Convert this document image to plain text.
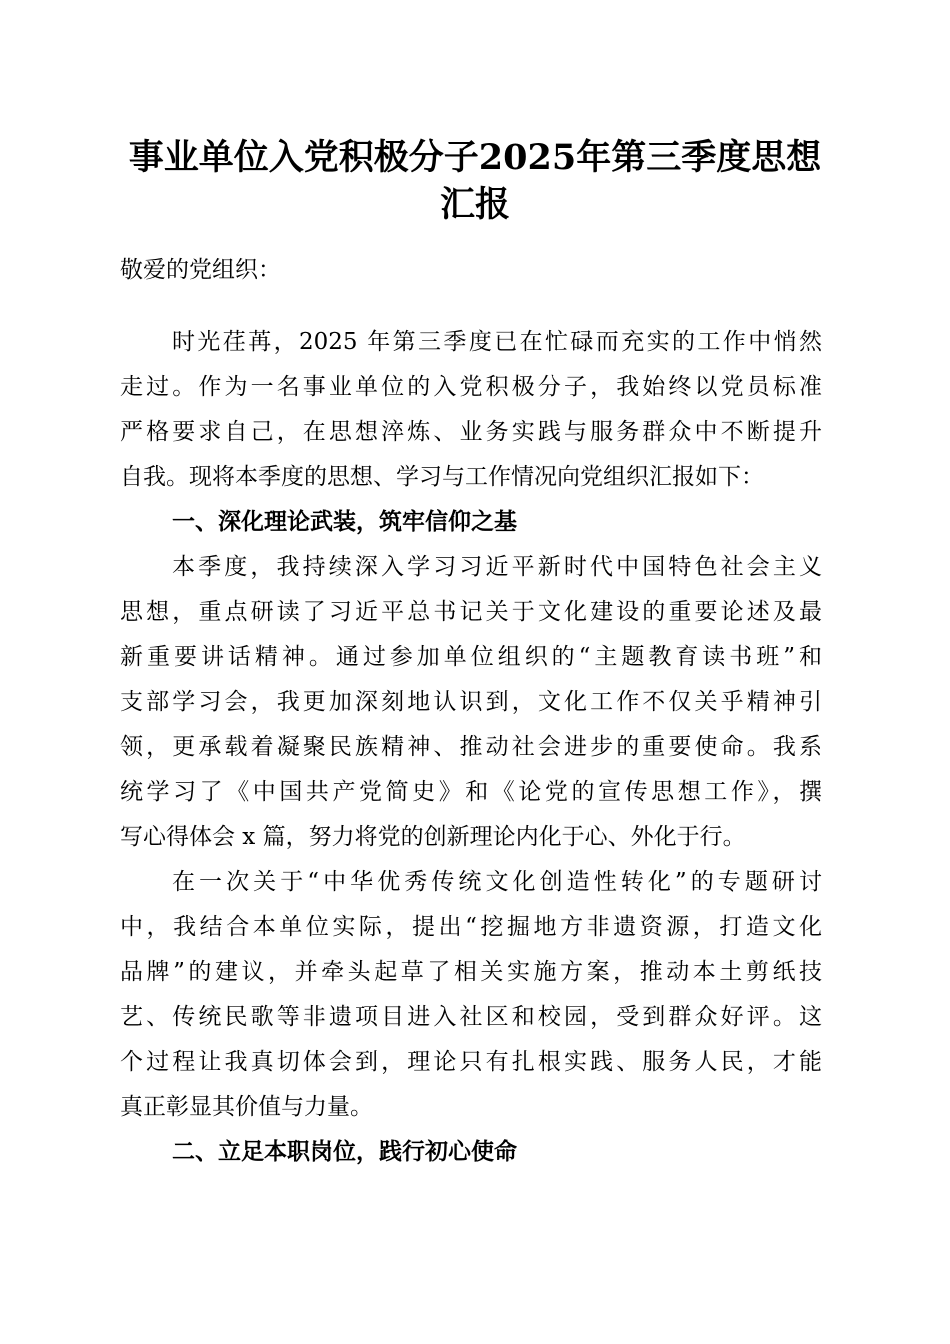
事业单位入党积极分子2025年第三季度思想
汇报
敬爱的党组织：
时光荏苒，2025 年第三季度已在忙碌而充实的工作中悄然
走过。作为一名事业单位的入党积极分子，我始终以党员标准
严格要求自己，在思想淬炼、业务实践与服务群众中不断提升
自我。现将本季度的思想、学习与工作情况向党组织汇报如下：
一、深化理论武装，筑牢信仰之基
本季度，我持续深入学习习近平新时代中国特色社会主义
思想，重点研读了习近平总书记关于文化建设的重要论述及最
新重要讲话精神。通过参加单位组织的“主题教育读书班”和
支部学习会，我更加深刻地认识到，文化工作不仅关乎精神引
领，更承载着凝聚民族精神、推动社会进步的重要使命。我系
统学习了《中国共产党简史》和《论党的宣传思想工作》，撰
写心得体会 x 篇，努力将党的创新理论内化于心、外化于行。
在一次关于“中华优秀传统文化创造性转化”的专题研讨
中，我结合本单位实际，提出“挖掘地方非遗资源，打造文化
品牌”的建议，并牵头起草了相关实施方案，推动本土剪纸技
艺、传统民歌等非遗项目进入社区和校园，受到群众好评。这
个过程让我真切体会到，理论只有扎根实践、服务人民，才能
真正彰显其价值与力量。
二、立足本职岗位，践行初心使命
